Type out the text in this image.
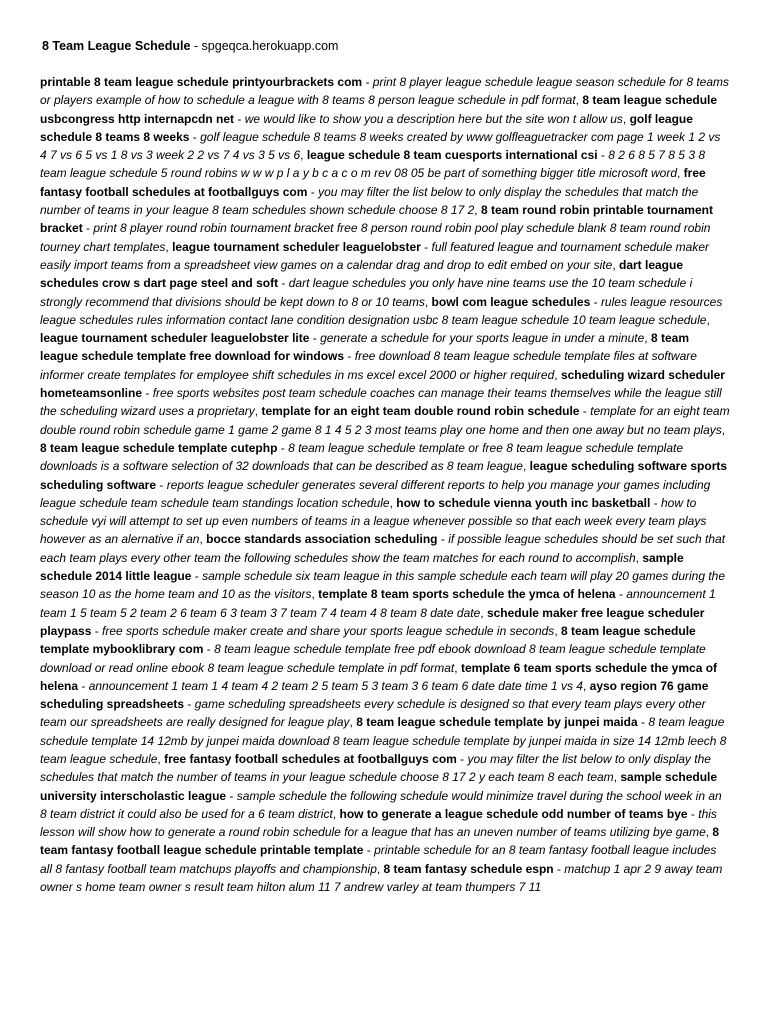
8 Team League Schedule - spgeqca.herokuapp.com
printable 8 team league schedule printyourbrackets com - print 8 player league schedule league season schedule for 8 teams or players example of how to schedule a league with 8 teams 8 person league schedule in pdf format, 8 team league schedule usbcongress http internapcdn net - we would like to show you a description here but the site won t allow us, golf league schedule 8 teams 8 weeks - golf league schedule 8 teams 8 weeks created by www golfleaguetracker com page 1 week 1 2 vs 4 7 vs 6 5 vs 1 8 vs 3 week 2 2 vs 7 4 vs 3 5 vs 6, league schedule 8 team cuesports international csi - 8 2 6 8 5 7 8 5 3 8 team league schedule 5 round robins w w w p l a y b c a c o m rev 08 05 be part of something bigger title microsoft word, free fantasy football schedules at footballguys com - you may filter the list below to only display the schedules that match the number of teams in your league 8 team schedules shown schedule choose 8 17 2, 8 team round robin printable tournament bracket - print 8 player round robin tournament bracket free 8 person round robin pool play schedule blank 8 team round robin tourney chart templates, league tournament scheduler leaguelobster - full featured league and tournament schedule maker easily import teams from a spreadsheet view games on a calendar drag and drop to edit embed on your site, dart league schedules crow s dart page steel and soft - dart league schedules you only have nine teams use the 10 team schedule i strongly recommend that divisions should be kept down to 8 or 10 teams, bowl com league schedules - rules league resources league schedules rules information contact lane condition designation usbc 8 team league schedule 10 team league schedule, league tournament scheduler leaguelobster lite - generate a schedule for your sports league in under a minute, 8 team league schedule template free download for windows - free download 8 team league schedule template files at software informer create templates for employee shift schedules in ms excel excel 2000 or higher required, scheduling wizard scheduler hometeamsonline - free sports websites post team schedule coaches can manage their teams themselves while the league still the scheduling wizard uses a proprietary, template for an eight team double round robin schedule - template for an eight team double round robin schedule game 1 game 2 game 8 1 4 5 2 3 most teams play one home and then one away but no team plays, 8 team league schedule template cutephp - 8 team league schedule template or free 8 team league schedule template downloads is a software selection of 32 downloads that can be described as 8 team league, league scheduling software sports scheduling software - reports league scheduler generates several different reports to help you manage your games including league schedule team schedule team standings location schedule, how to schedule vienna youth inc basketball - how to schedule vyi will attempt to set up even numbers of teams in a league whenever possible so that each week every team plays however as an alernative if an, bocce standards association scheduling - if possible league schedules should be set such that each team plays every other team the following schedules show the team matches for each round to accomplish, sample schedule 2014 little league - sample schedule six team league in this sample schedule each team will play 20 games during the season 10 as the home team and 10 as the visitors, template 8 team sports schedule the ymca of helena - announcement 1 team 1 5 team 5 2 team 2 6 team 6 3 team 3 7 team 7 4 team 4 8 team 8 date date, schedule maker free league scheduler playpass - free sports schedule maker create and share your sports league schedule in seconds, 8 team league schedule template mybooklibrary com - 8 team league schedule template free pdf ebook download 8 team league schedule template download or read online ebook 8 team league schedule template in pdf format, template 6 team sports schedule the ymca of helena - announcement 1 team 1 4 team 4 2 team 2 5 team 5 3 team 3 6 team 6 date date time 1 vs 4, ayso region 76 game scheduling spreadsheets - game scheduling spreadsheets every schedule is designed so that every team plays every other team our spreadsheets are really designed for league play, 8 team league schedule template by junpei maida - 8 team league schedule template 14 12mb by junpei maida download 8 team league schedule template by junpei maida in size 14 12mb leech 8 team league schedule, free fantasy football schedules at footballguys com - you may filter the list below to only display the schedules that match the number of teams in your league schedule choose 8 17 2 y each team 8 each team, sample schedule university interscholastic league - sample schedule the following schedule would minimize travel during the school week in an 8 team district it could also be used for a 6 team district, how to generate a league schedule odd number of teams bye - this lesson will show how to generate a round robin schedule for a league that has an uneven number of teams utilizing bye game, 8 team fantasy football league schedule printable template - printable schedule for an 8 team fantasy football league includes all 8 fantasy football team matchups playoffs and championship, 8 team fantasy schedule espn - matchup 1 apr 2 9 away team owner s home team owner s result team hilton alum 11 7 andrew varley at team thumpers 7 11
